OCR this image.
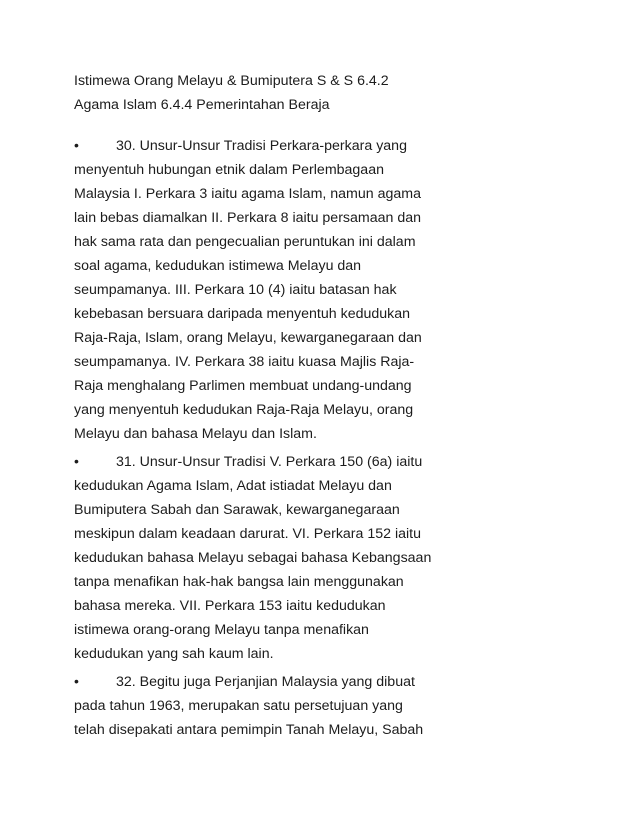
Istimewa Orang Melayu & Bumiputera S & S 6.4.2
Agama Islam 6.4.4 Pemerintahan Beraja
•	30. Unsur-Unsur Tradisi Perkara-perkara yang
menyentuh hubungan etnik dalam Perlembagaan
Malaysia I. Perkara 3 iaitu agama Islam, namun agama
lain bebas diamalkan II. Perkara 8 iaitu persamaan dan
hak sama rata dan pengecualian peruntukan ini dalam
soal agama, kedudukan istimewa Melayu dan
seumpamanya. III. Perkara 10 (4) iaitu batasan hak
kebebasan bersuara daripada menyentuh kedudukan
Raja-Raja, Islam, orang Melayu, kewarganegaraan dan
seumpamanya. IV. Perkara 38 iaitu kuasa Majlis Raja-
Raja menghalang Parlimen membuat undang-undang
yang menyentuh kedudukan Raja-Raja Melayu, orang
Melayu dan bahasa Melayu dan Islam.
•	31. Unsur-Unsur Tradisi V. Perkara 150 (6a) iaitu
kedudukan Agama Islam, Adat istiadat Melayu dan
Bumiputera Sabah dan Sarawak, kewarganegaraan
meskipun dalam keadaan darurat. VI. Perkara 152 iaitu
kedudukan bahasa Melayu sebagai bahasa Kebangsaan
tanpa menafikan hak-hak bangsa lain menggunakan
bahasa mereka. VII. Perkara 153 iaitu kedudukan
istimewa orang-orang Melayu tanpa menafikan
kedudukan yang sah kaum lain.
•	32. Begitu juga Perjanjian Malaysia yang dibuat
pada tahun 1963, merupakan satu persetujuan yang
telah disepakati antara pemimpin Tanah Melayu, Sabah
